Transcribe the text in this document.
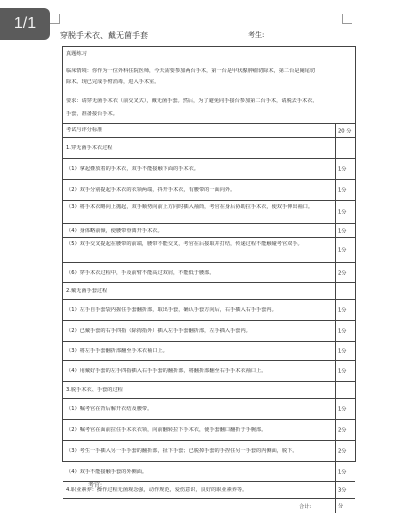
1/1
穿脱手术衣、戴无菌手套	考生:
真题练习
临床情境：你作为一位外科住院医师，今天需要参加两台手术，第一台是甲状腺肿瘤切除术，第二台是阑尾切
除术。现已完成手臂消毒，进入手术室。
要求：请穿无菌手术衣（前交叉式），戴无菌手套。然后，为了避免同手接台参加第二台手术，请脱去手术衣、
手套，准备接台手术。
考试与评分标准	20 分
1.穿无菌手术衣过程
（1）拿起叠放着的手术衣，双手不能接触下面的手术衣。	1分
（2）双手分别提起手术衣的衣领两端，抖开手术衣，有腰带的一面向外。	1分
（3）将手术衣略向上抛起，双手顺势向前上方同时插入袖筒，考官在身后协助拉手术衣，使双手伸出袖口。
1分
（4）身体略前倾，使腰带垂离开手术衣。	1分
（5）双手交叉提起在腰带的前端，腰带不能交叉，考官在后接取并打结，传递过程不能触碰考官双手。
1分
（6）穿手术衣过程中，手及前臂不能高过双肩，不能低于腰部。	2分
2.戴无菌手套过程
（1）左手自手套袋内握住手套翻折部，取出手套，确认手套方向后，右手插入右手手套内。	1分
（2）已戴手套的右手四指（除拇指外）插入左手手套翻折部，左手插入手套内。	1分
（3）将左手手套翻折部翻至手术衣袖口上。	1分
（4）用戴好手套的左手四指插入右手手套的翻折部，将翻折部翻至右手手术衣袖口上。	1分
3.脱手术衣、手套的过程
（1）嘱考官在背后解开衣结及腰带。	1分
（2）嘱考官在面前拉住手术衣衣领，向前翻转拉下手术衣，使手套翻口翻折于手腕部。	2分
（3）考生一手插入另一手手套的翻折部，扯下手套；已脱掉手套的手捏住另一手套的内侧面，脱下。	2分
（4）双手不能接触手套的外侧面。	1分
4.职业素养：操作过程无菌观念强，动作规范，爱伤意识，良好的职业素养等。	3分
合计:	分
考官:
